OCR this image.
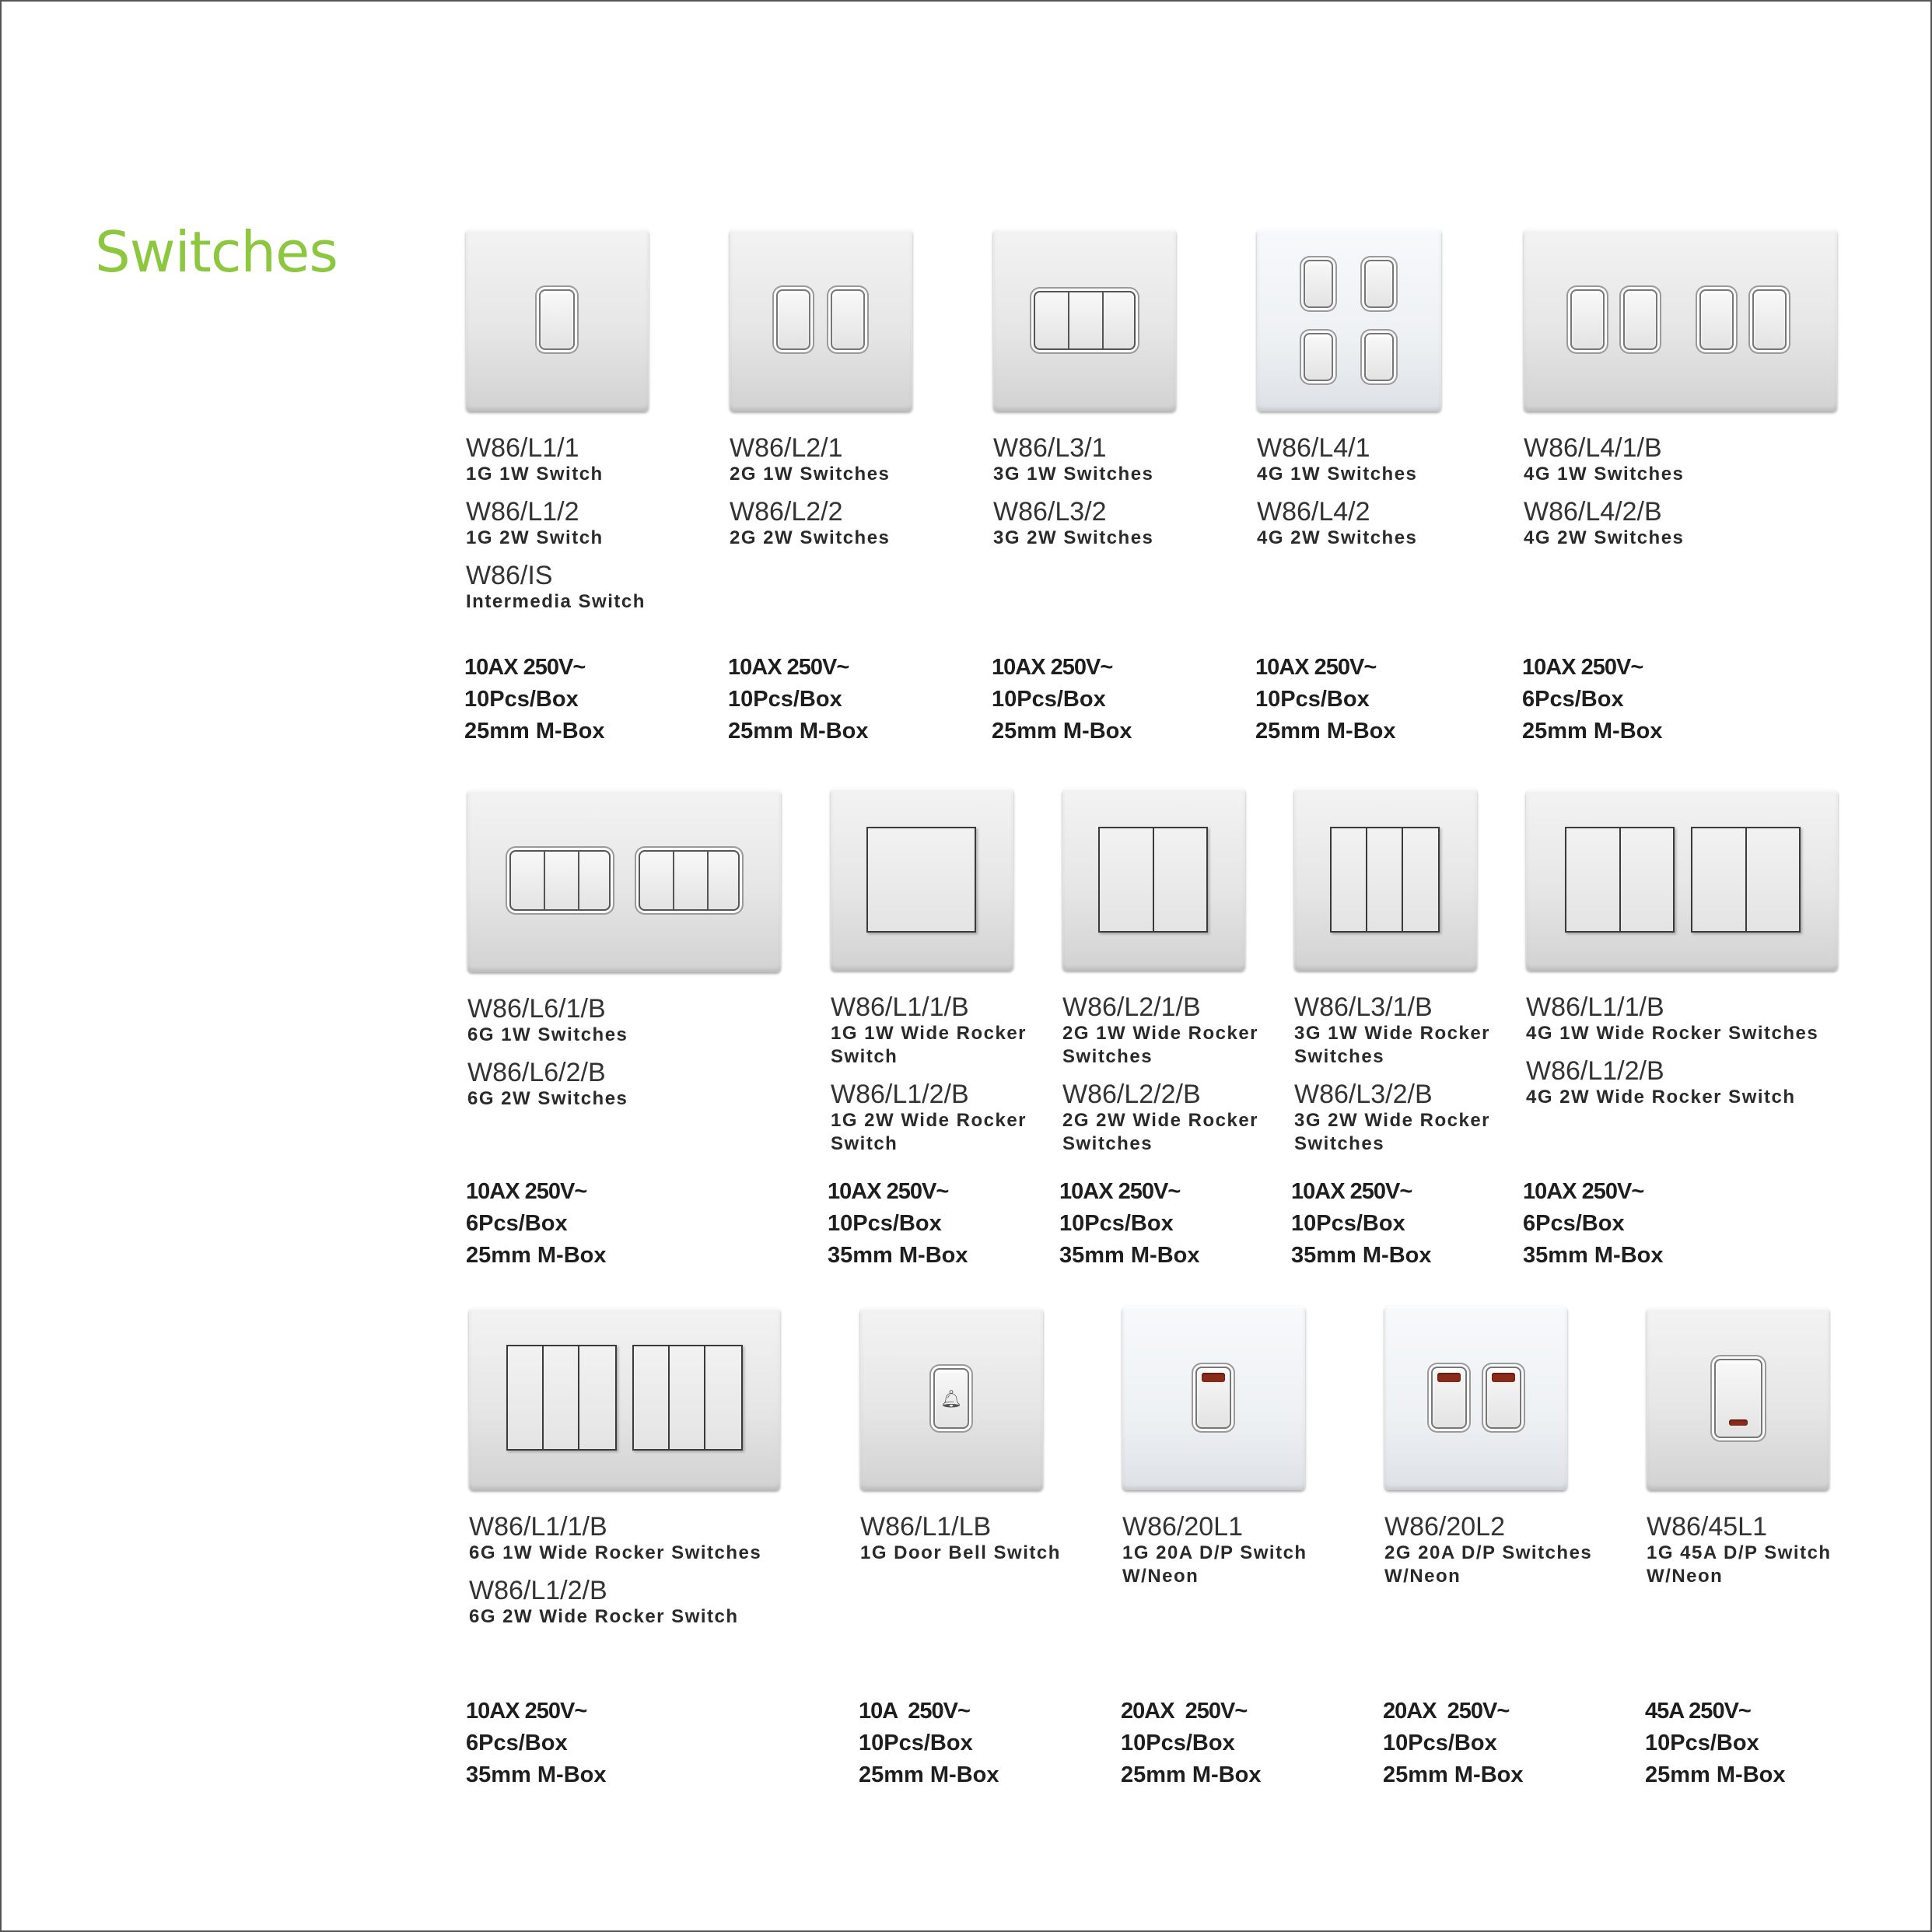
Switches
W86/L1/1
1G 1W Switch
W86/L1/2
1G 2W Switch
W86/IS
Intermedia Switch
10AX 250V~
10Pcs/Box
25mm M-Box
W86/L2/1
2G 1W Switches
W86/L2/2
2G 2W Switches
10AX 250V~
10Pcs/Box
25mm M-Box
W86/L3/1
3G 1W Switches
W86/L3/2
3G 2W Switches
10AX 250V~
10Pcs/Box
25mm M-Box
W86/L4/1
4G 1W Switches
W86/L4/2
4G 2W Switches
10AX 250V~
10Pcs/Box
25mm M-Box
W86/L4/1/B
4G 1W Switches
W86/L4/2/B
4G 2W Switches
10AX 250V~
6Pcs/Box
25mm M-Box
W86/L6/1/B
6G 1W Switches
W86/L6/2/B
6G 2W Switches
10AX 250V~
6Pcs/Box
25mm M-Box
W86/L1/1/B
1G 1W Wide Rocker Switch
W86/L1/2/B
1G 2W Wide Rocker Switch
10AX 250V~
10Pcs/Box
35mm M-Box
W86/L2/1/B
2G 1W Wide Rocker Switches
W86/L2/2/B
2G 2W Wide Rocker Switches
10AX 250V~
10Pcs/Box
35mm M-Box
W86/L3/1/B
3G 1W Wide Rocker Switches
W86/L3/2/B
3G 2W Wide Rocker Switches
10AX 250V~
10Pcs/Box
35mm M-Box
W86/L1/1/B
4G 1W Wide Rocker Switches
W86/L1/2/B
4G 2W Wide Rocker Switch
10AX 250V~
6Pcs/Box
35mm M-Box
W86/L1/1/B
6G 1W Wide Rocker Switches
W86/L1/2/B
6G 2W Wide Rocker Switch
10AX 250V~
6Pcs/Box
35mm M-Box
🔔︎
W86/L1/LB
1G Door Bell Switch
10A  250V~
10Pcs/Box
25mm M-Box
W86/20L1
1G 20A D/P Switch W/Neon
20AX  250V~
10Pcs/Box
25mm M-Box
W86/20L2
2G 20A D/P Switches W/Neon
20AX  250V~
10Pcs/Box
25mm M-Box
W86/45L1
1G 45A D/P Switch W/Neon
45A 250V~
10Pcs/Box
25mm M-Box
